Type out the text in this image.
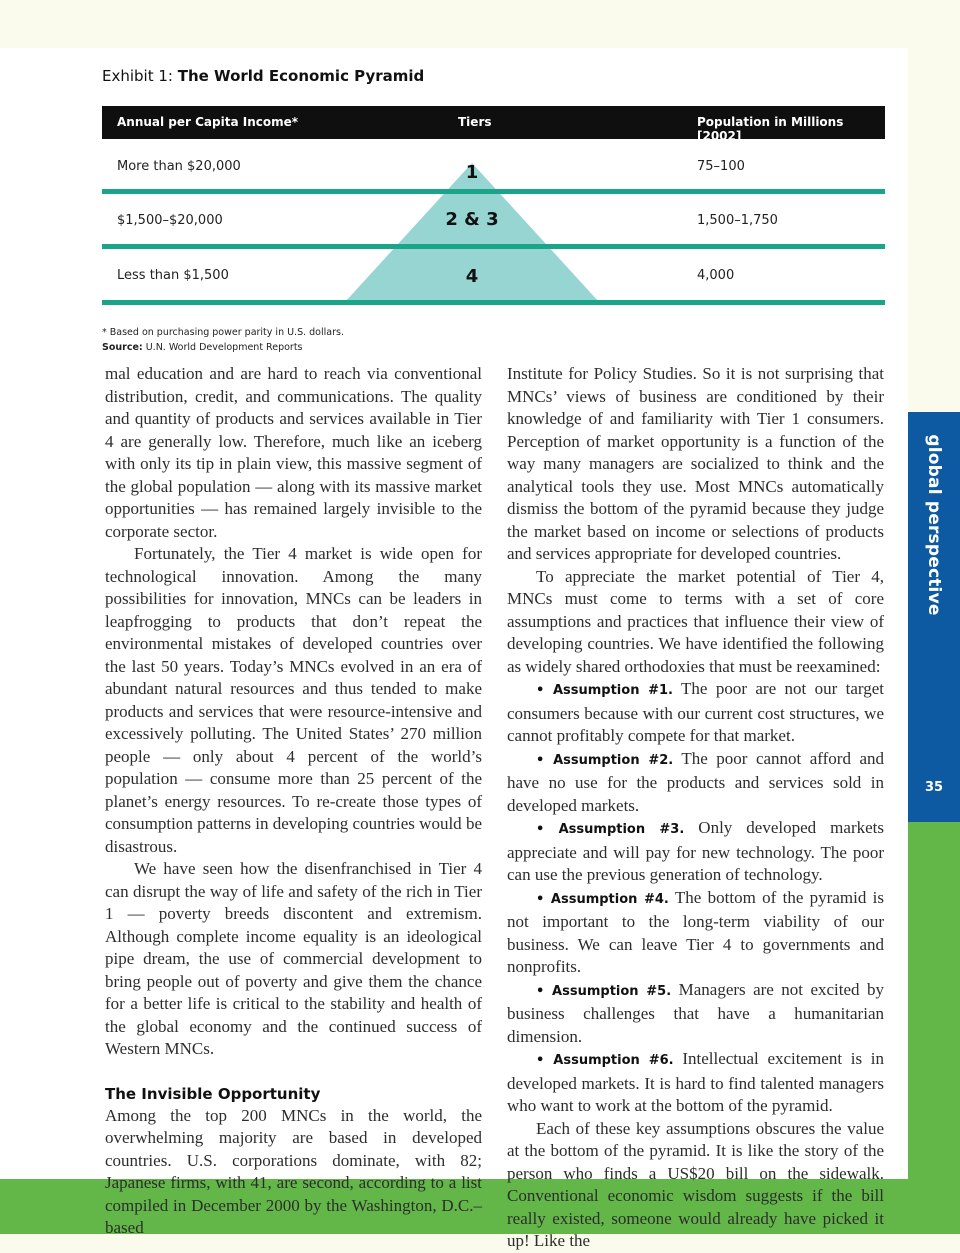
global perspective
35
Exhibit 1: The World Economic Pyramid
Annual per Capita Income*	Tiers	Population in Millions [2002]
More than $20,000
$1,500–$20,000
Less than $1,500
1
2 & 3
4
75–100
1,500–1,750
4,000
* Based on purchasing power parity in U.S. dollars.
Source: U.N. World Development Reports

mal education and are hard to reach via conventional distribution, credit, and communications. The quality and quantity of products and services available in Tier 4 are generally low. Therefore, much like an iceberg with only its tip in plain view, this massive segment of the global population — along with its massive market opportunities — has remained largely invisible to the corporate sector.

Fortunately, the Tier 4 market is wide open for technological innovation. Among the many possibilities for innovation, MNCs can be leaders in leapfrogging to products that don’t repeat the environmental mistakes of developed countries over the last 50 years. Today’s MNCs evolved in an era of abundant natural resources and thus tended to make products and services that were resource-intensive and excessively polluting. The United States’ 270 million people — only about 4 percent of the world’s population — consume more than 25 percent of the planet’s energy resources. To re-create those types of consumption patterns in developing countries would be disastrous.

We have seen how the disenfranchised in Tier 4 can disrupt the way of life and safety of the rich in Tier 1 — poverty breeds discontent and extremism. Although complete income equality is an ideological pipe dream, the use of commercial development to bring people out of poverty and give them the chance for a better life is critical to the stability and health of the global economy and the continued success of Western MNCs.

The Invisible Opportunity

Among the top 200 MNCs in the world, the overwhelming majority are based in developed countries. U.S. corporations dominate, with 82; Japanese firms, with 41, are second, according to a list compiled in December 2000 by the Washington, D.C.–based

Institute for Policy Studies. So it is not surprising that MNCs’ views of business are conditioned by their knowledge of and familiarity with Tier 1 consumers. Perception of market opportunity is a function of the way many managers are socialized to think and the analytical tools they use. Most MNCs automatically dismiss the bottom of the pyramid because they judge the market based on income or selections of products and services appropriate for developed countries.

To appreciate the market potential of Tier 4, MNCs must come to terms with a set of core assumptions and practices that influence their view of developing countries. We have identified the following as widely shared orthodoxies that must be reexamined:

• Assumption #1. The poor are not our target consumers because with our current cost structures, we cannot profitably compete for that market.

• Assumption #2. The poor cannot afford and have no use for the products and services sold in developed markets.

• Assumption #3. Only developed markets appreciate and will pay for new technology. The poor can use the previous generation of technology.

• Assumption #4. The bottom of the pyramid is not important to the long-term viability of our business. We can leave Tier 4 to governments and nonprofits.

• Assumption #5. Managers are not excited by business challenges that have a humanitarian dimension.

• Assumption #6. Intellectual excitement is in developed markets. It is hard to find talented managers who want to work at the bottom of the pyramid.

Each of these key assumptions obscures the value at the bottom of the pyramid. It is like the story of the person who finds a US$20 bill on the sidewalk. Conventional economic wisdom suggests if the bill really existed, someone would already have picked it up! Like the
